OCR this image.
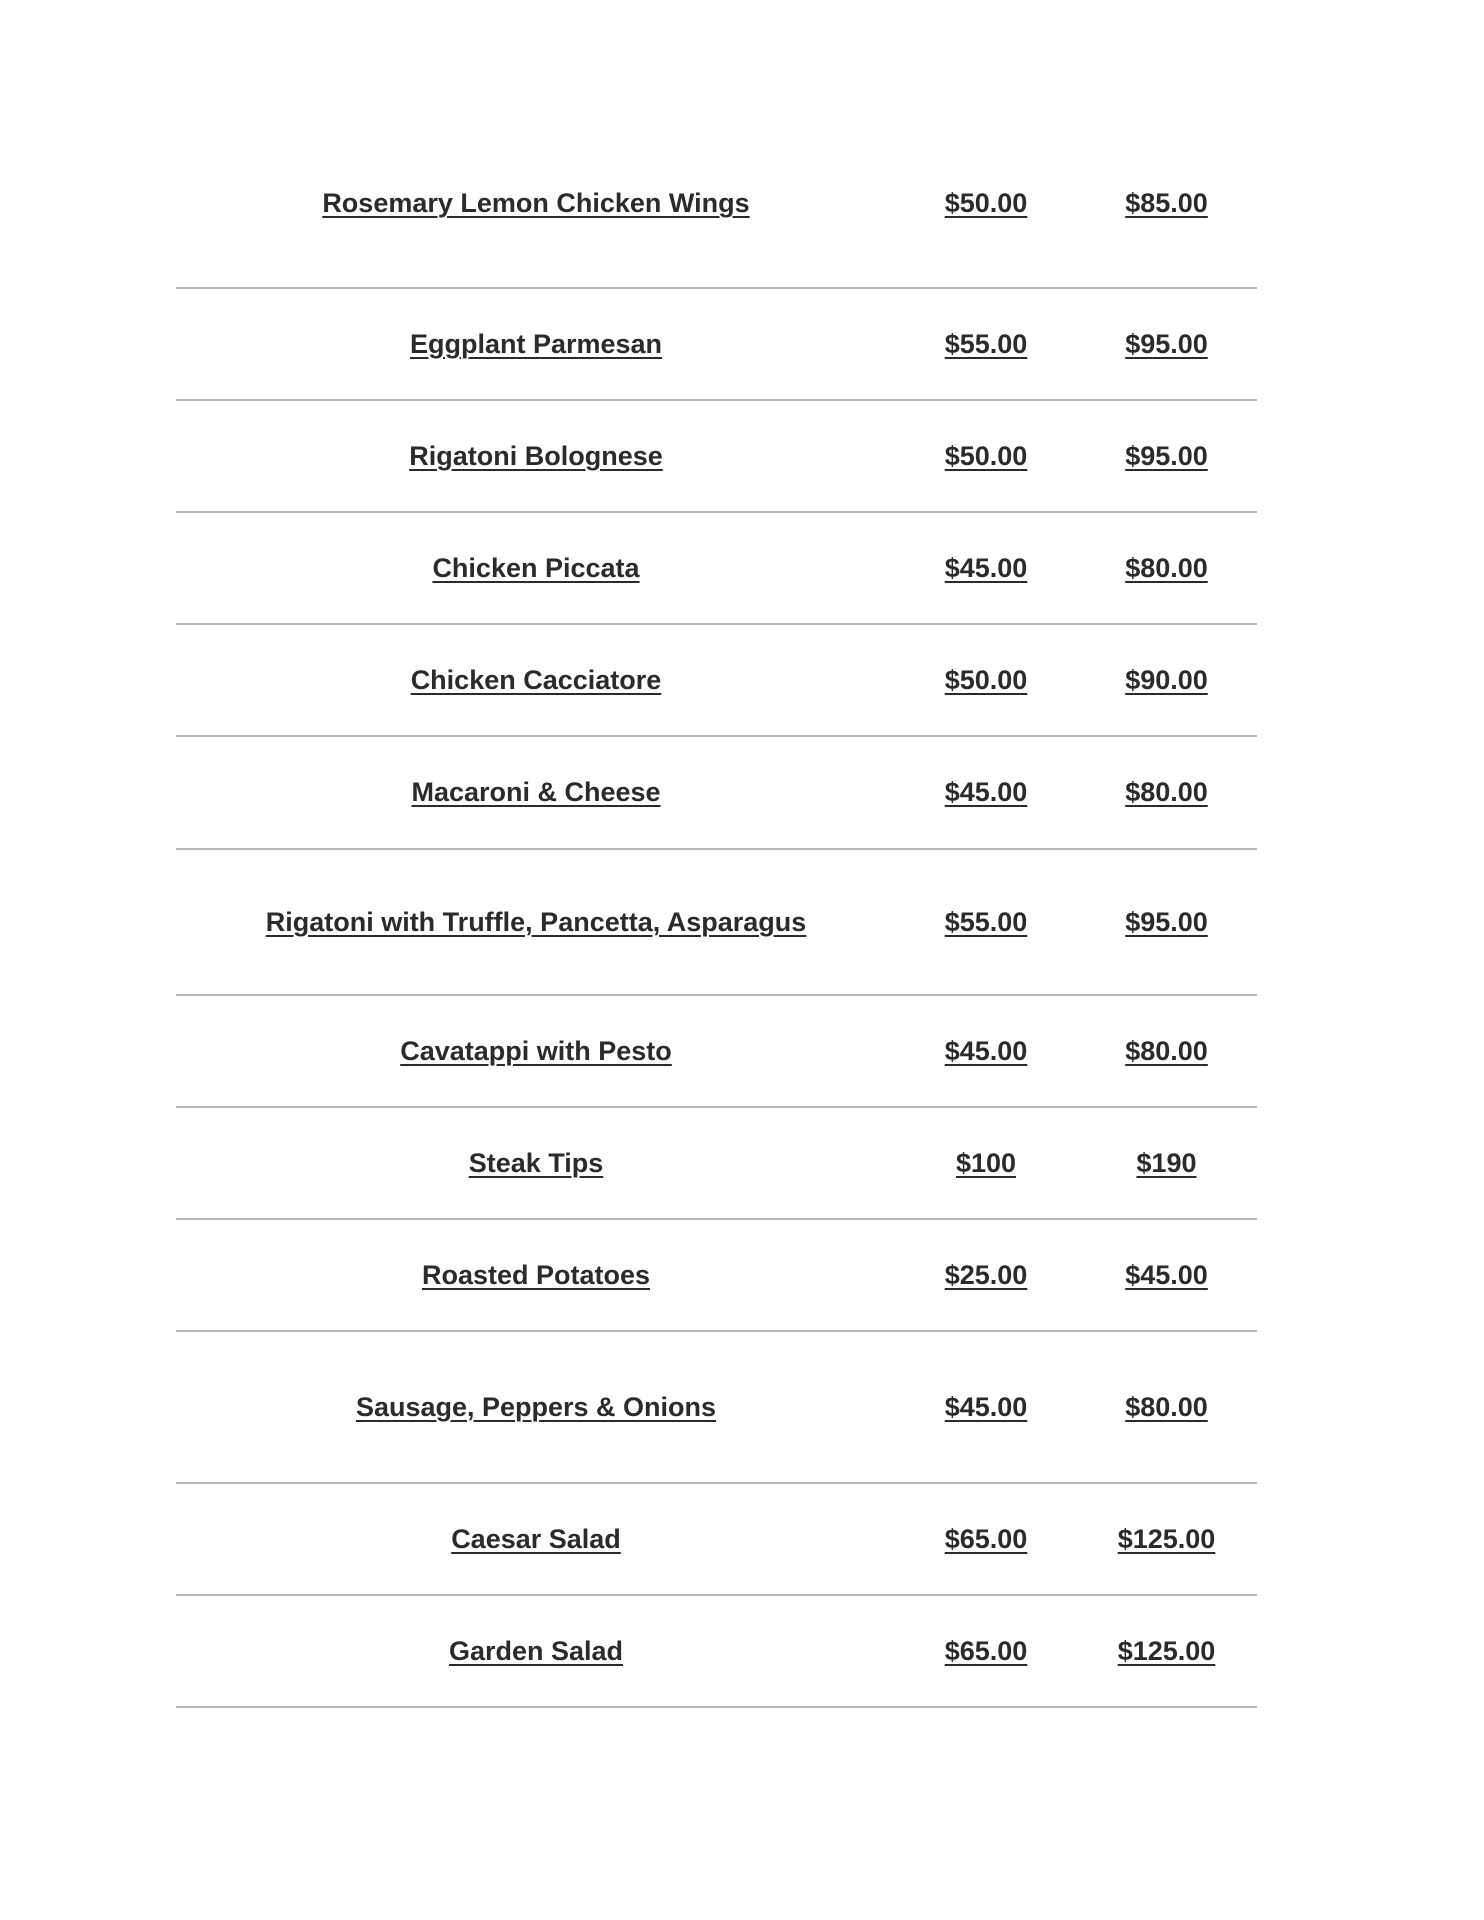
Rosemary Lemon Chicken Wings	$50.00	$85.00
Eggplant Parmesan	$55.00	$95.00
Rigatoni Bolognese	$50.00	$95.00
Chicken Piccata	$45.00	$80.00
Chicken Cacciatore	$50.00	$90.00
Macaroni & Cheese	$45.00	$80.00
Rigatoni with Truffle, Pancetta, Asparagus	$55.00	$95.00
Cavatappi with Pesto	$45.00	$80.00
Steak Tips	$100	$190
Roasted Potatoes	$25.00	$45.00
Sausage, Peppers & Onions	$45.00	$80.00
Caesar Salad	$65.00	$125.00
Garden Salad	$65.00	$125.00
